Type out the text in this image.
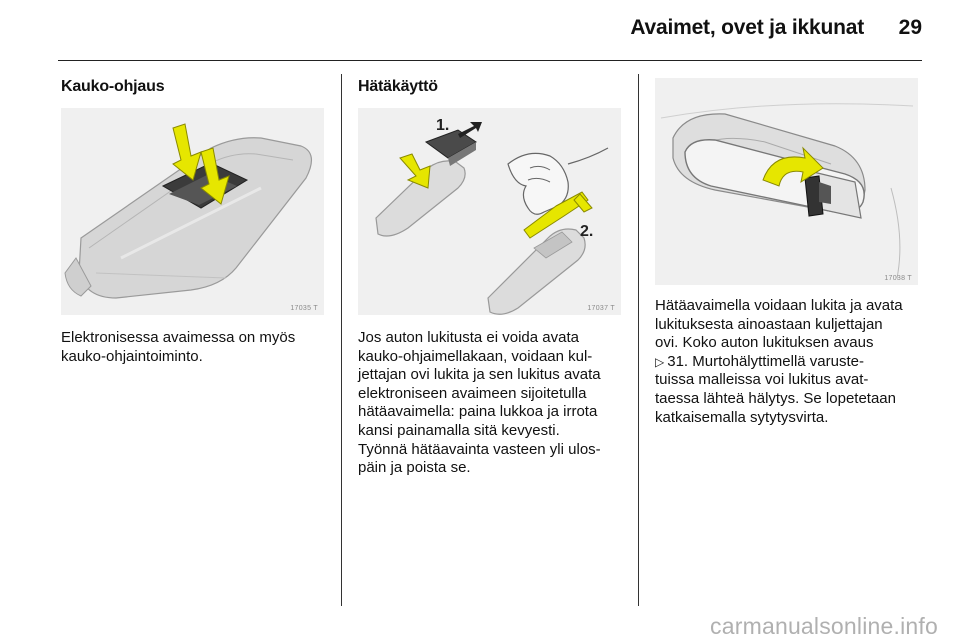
Avaimet, ovet ja ikkunat 29
Kauko-ohjaus
17035 T

Elektronisessa avaimessa on myös
kauko-ohjaintoiminto.

Hätäkäyttö
1.
2.
17037 T

Jos auton lukitusta ei voida avata
kauko-ohjaimellakaan, voidaan kul-
jettajan ovi lukita ja sen lukitus avata
elektroniseen avaimeen sijoitetulla
hätäavaimella: paina lukkoa ja irrota
kansi painamalla sitä kevyesti.
Työnnä hätäavainta vasteen yli ulos-
päin ja poista se.

17038 T

Hätäavaimella voidaan lukita ja avata
lukituksesta ainoastaan kuljettajan
ovi. Koko auton lukituksen avaus
▷ 31. Murtohälyttimellä varuste-
tuissa malleissa voi lukitus avat-
taessa lähteä hälytys. Se lopetetaan
katkaisemalla sytytysvirta.

carmanualsonline.info
